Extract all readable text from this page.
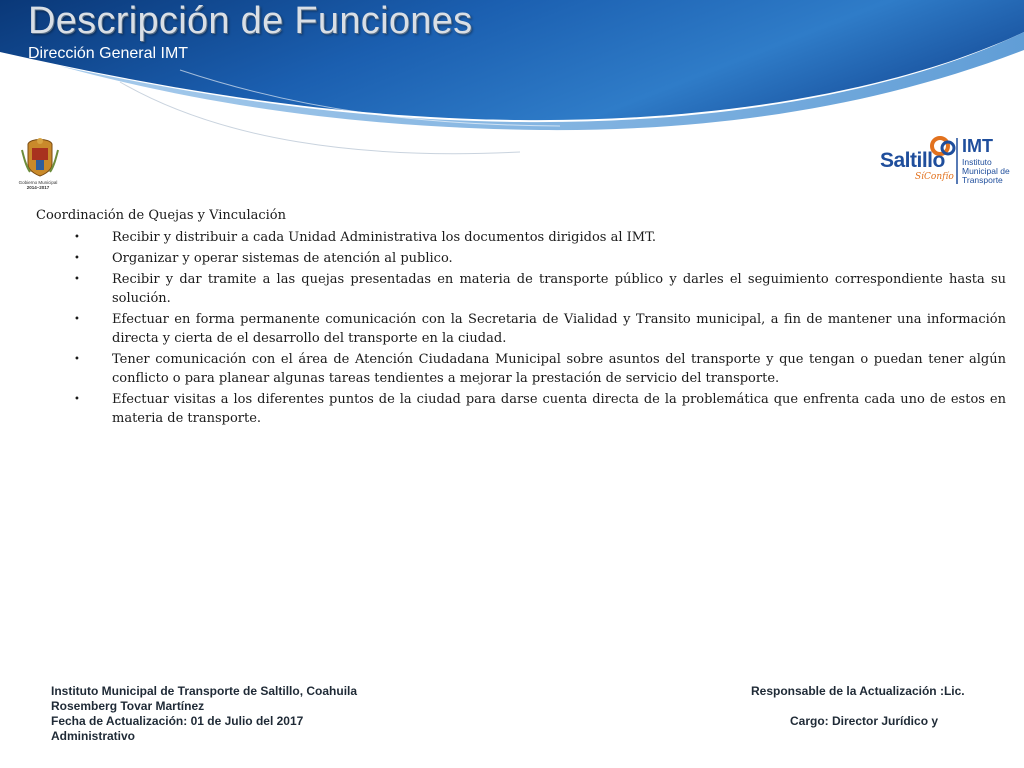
Descripción de Funciones
Dirección General IMT
Gobierno Municipal
2014–2017
Saltillo
SíConfío
IMT
Instituto
Municipal de
Transporte
Coordinación de Quejas y Vinculación
• Recibir y distribuir a cada Unidad Administrativa los documentos dirigidos al IMT.
• Organizar y operar sistemas de atención al publico.
• Recibir y dar tramite a las quejas presentadas en materia de transporte público y darles el seguimiento correspondiente hasta su solución.
• Efectuar en forma permanente comunicación con la Secretaria de Vialidad y Transito municipal, a fin de mantener una información directa y cierta de el desarrollo del transporte en la ciudad.
• Tener comunicación con el área de Atención Ciudadana Municipal sobre asuntos del transporte y que tengan o puedan tener algún conflicto o para planear algunas tareas tendientes a mejorar la prestación de servicio del transporte.
• Efectuar visitas a los diferentes puntos de la ciudad para darse cuenta directa de la problemática que enfrenta cada uno de estos en materia de transporte.
Instituto Municipal de Transporte de Saltillo, Coahuila	Responsable de la Actualización :Lic.
Rosemberg Tovar Martínez
Fecha de Actualización: 01 de Julio del 2017	Cargo: Director Jurídico y
Administrativo
